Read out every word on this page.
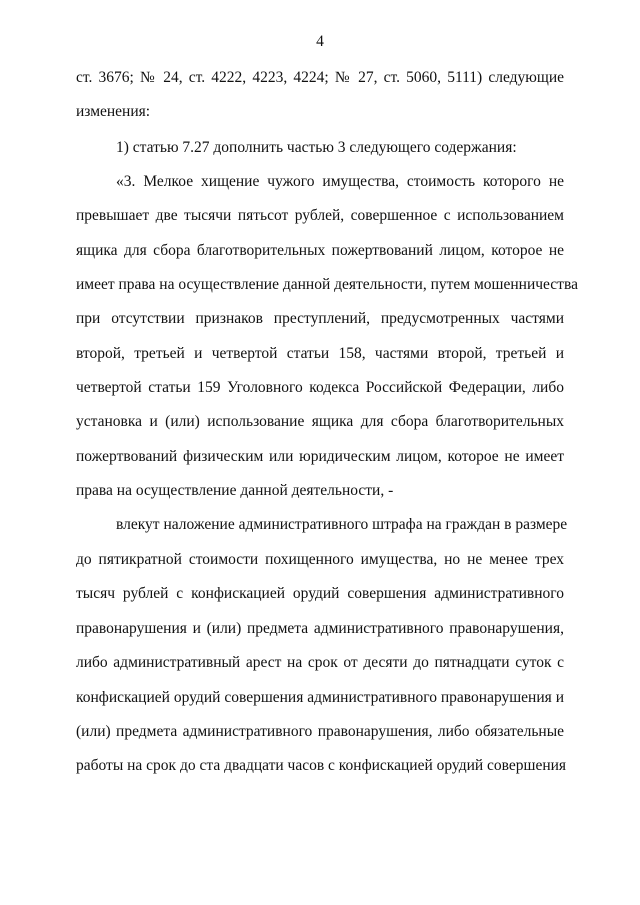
4
ст. 3676; № 24, ст. 4222, 4223, 4224; № 27, ст. 5060, 5111) следующие
изменения:
1) статью 7.27 дополнить частью 3 следующего содержания:
«3. Мелкое хищение чужого имущества, стоимость которого не
превышает две тысячи пятьсот рублей, совершенное с использованием
ящика для сбора благотворительных пожертвований лицом, которое не
имеет права на осуществление данной деятельности, путем мошенничества
при отсутствии признаков преступлений, предусмотренных частями
второй, третьей и четвертой статьи 158, частями второй, третьей и
четвертой статьи 159 Уголовного кодекса Российской Федерации, либо
установка и (или) использование ящика для сбора благотворительных
пожертвований физическим или юридическим лицом, которое не имеет
права на осуществление данной деятельности, -
влекут наложение административного штрафа на граждан в размере
до пятикратной стоимости похищенного имущества, но не менее трех
тысяч рублей с конфискацией орудий совершения административного
правонарушения и (или) предмета административного правонарушения,
либо административный арест на срок от десяти до пятнадцати суток с
конфискацией орудий совершения административного правонарушения и
(или) предмета административного правонарушения, либо обязательные
работы на срок до ста двадцати часов с конфискацией орудий совершения
